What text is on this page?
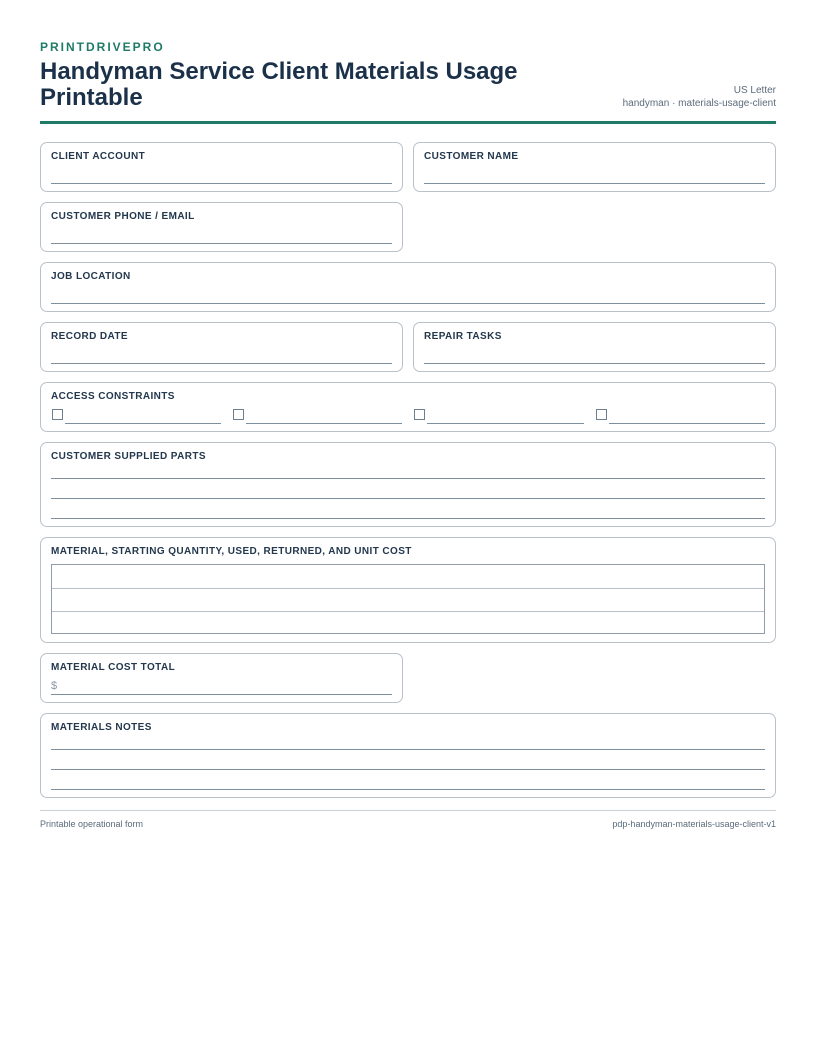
PRINTDRIVEPRO
Handyman Service Client Materials Usage Printable	US Letter
handyman · materials-usage-client
CLIENT ACCOUNT	CUSTOMER NAME
CUSTOMER PHONE / EMAIL
JOB LOCATION
RECORD DATE	REPAIR TASKS
ACCESS CONSTRAINTS
CUSTOMER SUPPLIED PARTS
MATERIAL, STARTING QUANTITY, USED, RETURNED, AND UNIT COST
MATERIAL COST TOTAL
$
MATERIALS NOTES
Printable operational form	pdp-handyman-materials-usage-client-v1
